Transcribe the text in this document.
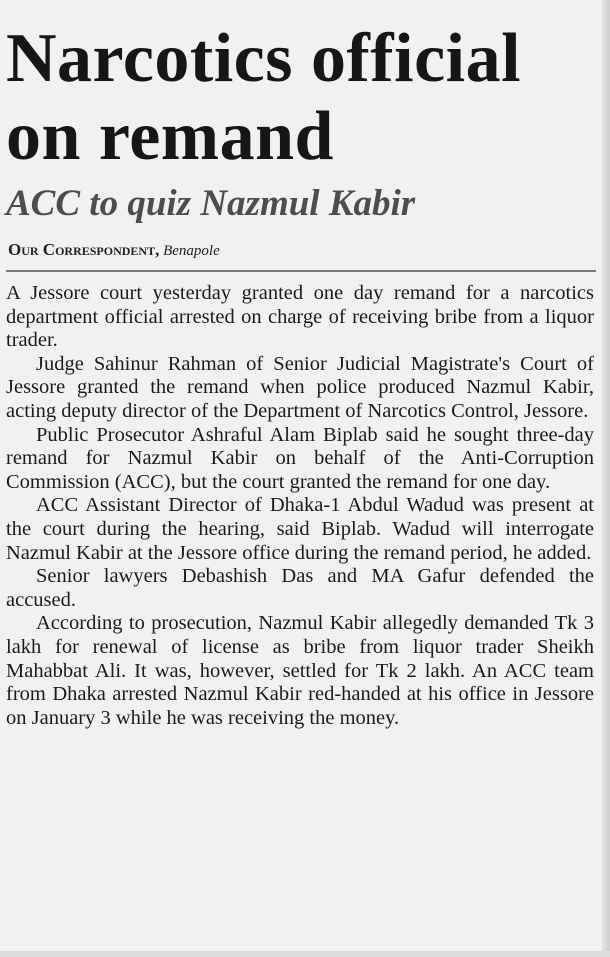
Narcotics official
on remand
ACC to quiz Nazmul Kabir
Our Correspondent, Benapole

A Jessore court yesterday granted one day remand for a narcotics department official arrested on charge of receiving bribe from a liquor trader.

Judge Sahinur Rahman of Senior Judicial Magistrate's Court of Jessore granted the remand when police produced Nazmul Kabir, acting deputy director of the Department of Narcotics Control, Jessore.

Public Prosecutor Ashraful Alam Biplab said he sought three-day remand for Nazmul Kabir on behalf of the Anti-Corruption Commission (ACC), but the court granted the remand for one day.

ACC Assistant Director of Dhaka-1 Abdul Wadud was present at the court during the hearing, said Biplab. Wadud will interrogate Nazmul Kabir at the Jessore office during the remand period, he added.

Senior lawyers Debashish Das and MA Gafur defended the accused.

According to prosecution, Nazmul Kabir allegedly demanded Tk 3 lakh for renewal of license as bribe from liquor trader Sheikh Mahabbat Ali. It was, however, settled for Tk 2 lakh. An ACC team from Dhaka arrested Nazmul Kabir red-handed at his office in Jessore on January 3 while he was receiving the money.
